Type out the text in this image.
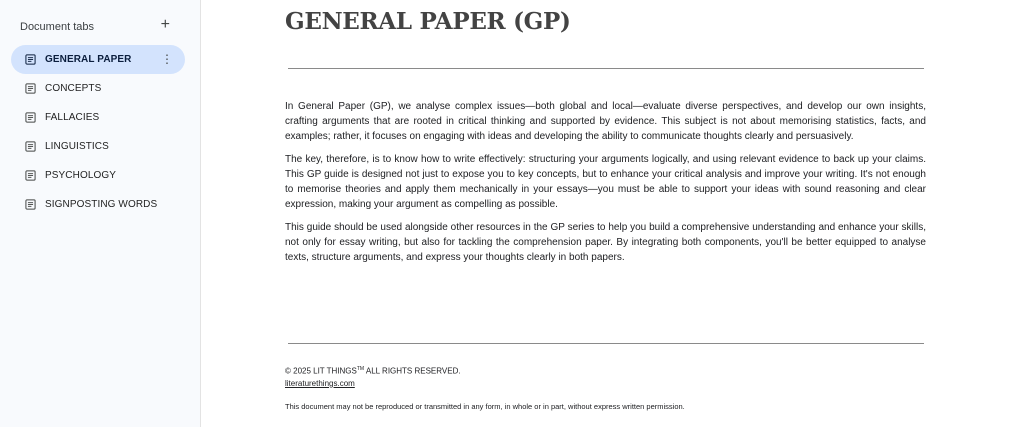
Document tabs	+
GENERAL PAPER ⋮
CONCEPTS
FALLACIES
LINGUISTICS
PSYCHOLOGY
SIGNPOSTING WORDS
GENERAL PAPER (GP)

In General Paper (GP), we analyse complex issues—both global and local—evaluate diverse perspectives, and develop our own insights, crafting arguments that are rooted in critical thinking and supported by evidence. This subject is not about memorising statistics, facts, and examples; rather, it focuses on engaging with ideas and developing the ability to communicate thoughts clearly and persuasively.

The key, therefore, is to know how to write effectively: structuring your arguments logically, and using relevant evidence to back up your claims. This GP guide is designed not just to expose you to key concepts, but to enhance your critical analysis and improve your writing. It's not enough to memorise theories and apply them mechanically in your essays—you must be able to support your ideas with sound reasoning and clear expression, making your argument as compelling as possible.

This guide should be used alongside other resources in the GP series to help you build a comprehensive understanding and enhance your skills, not only for essay writing, but also for tackling the comprehension paper. By integrating both components, you'll be better equipped to analyse texts, structure arguments, and express your thoughts clearly in both papers.

© 2025 LIT THINGS™ ALL RIGHTS RESERVED.
literaturethings.com
This document may not be reproduced or transmitted in any form, in whole or in part, without express written permission.
